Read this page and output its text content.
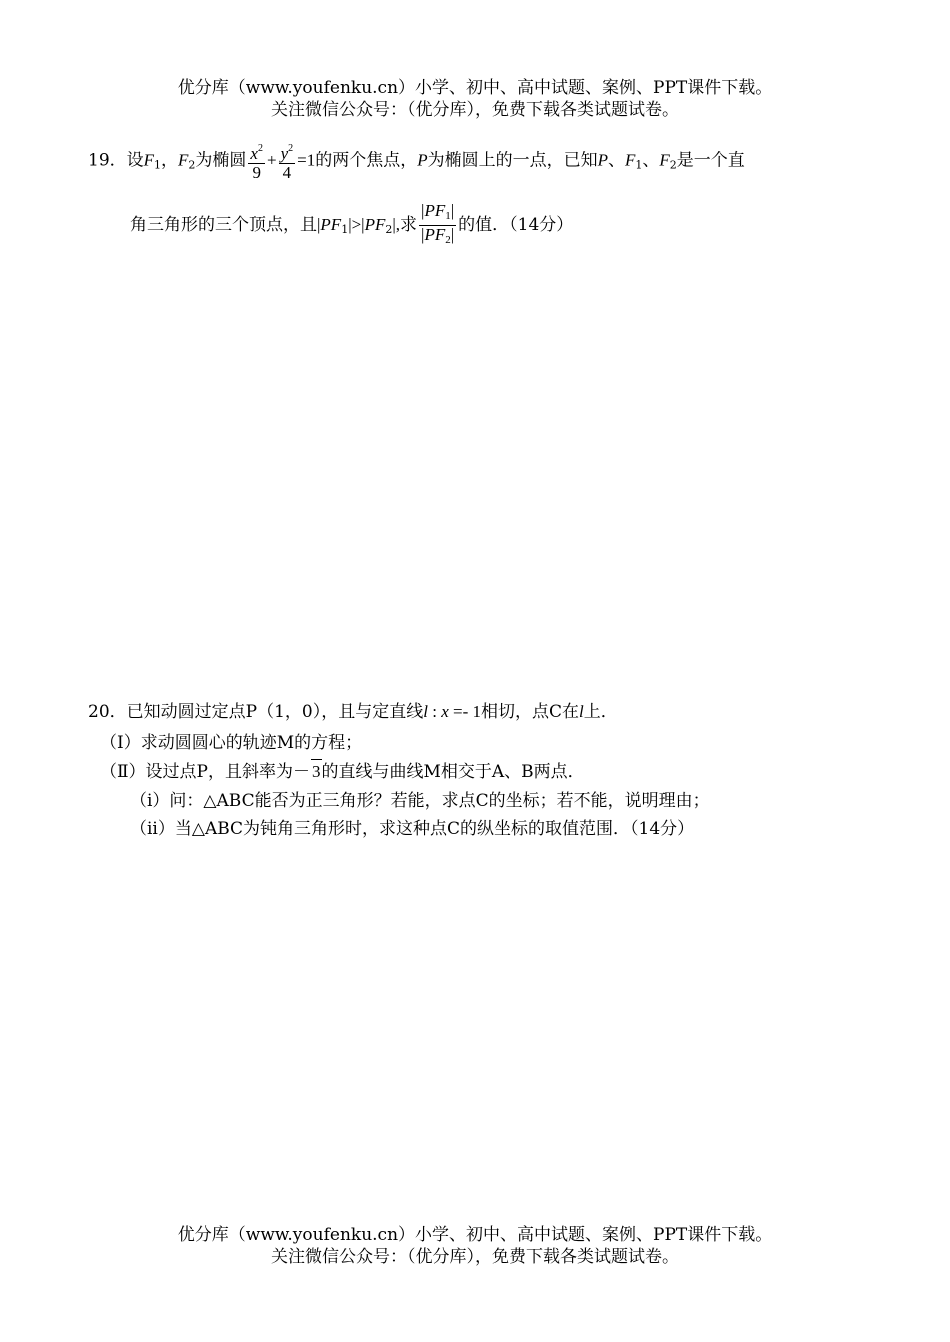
优分库（www.youfenku.cn）小学、初中、高中试题、案例、PPT课件下载。
关注微信公众号：（优分库），免费下载各类试题试卷。
19．设$F_1$，$F_2$为椭圆 $\frac{x^2}{9} + \frac{y^2}{4} =1$的两个焦点，P为椭圆上的一点，已知P、$F_1$、$F_2$是一个直
角三角形的三个顶点，且$|PF_1|>|PF_2|$,求 $\frac{|PF_1|}{|PF_2|}$ 的值．（14分）
20．已知动圆过定点P（1，0），且与定直线l : x =- 1相切，点C在l上．
（Ⅰ）求动圆圆心的轨迹M的方程；
（Ⅱ）设过点P，且斜率为－ 3的直线与曲线M相交于A、B两点．
（i）问：△ABC能否为正三角形？若能，求点C的坐标；若不能，说明理由；
（ii）当△ABC为钝角三角形时，求这种点C的纵坐标的取值范围．（14分）
优分库（www.youfenku.cn）小学、初中、高中试题、案例、PPT课件下载。
关注微信公众号：（优分库），免费下载各类试题试卷。
